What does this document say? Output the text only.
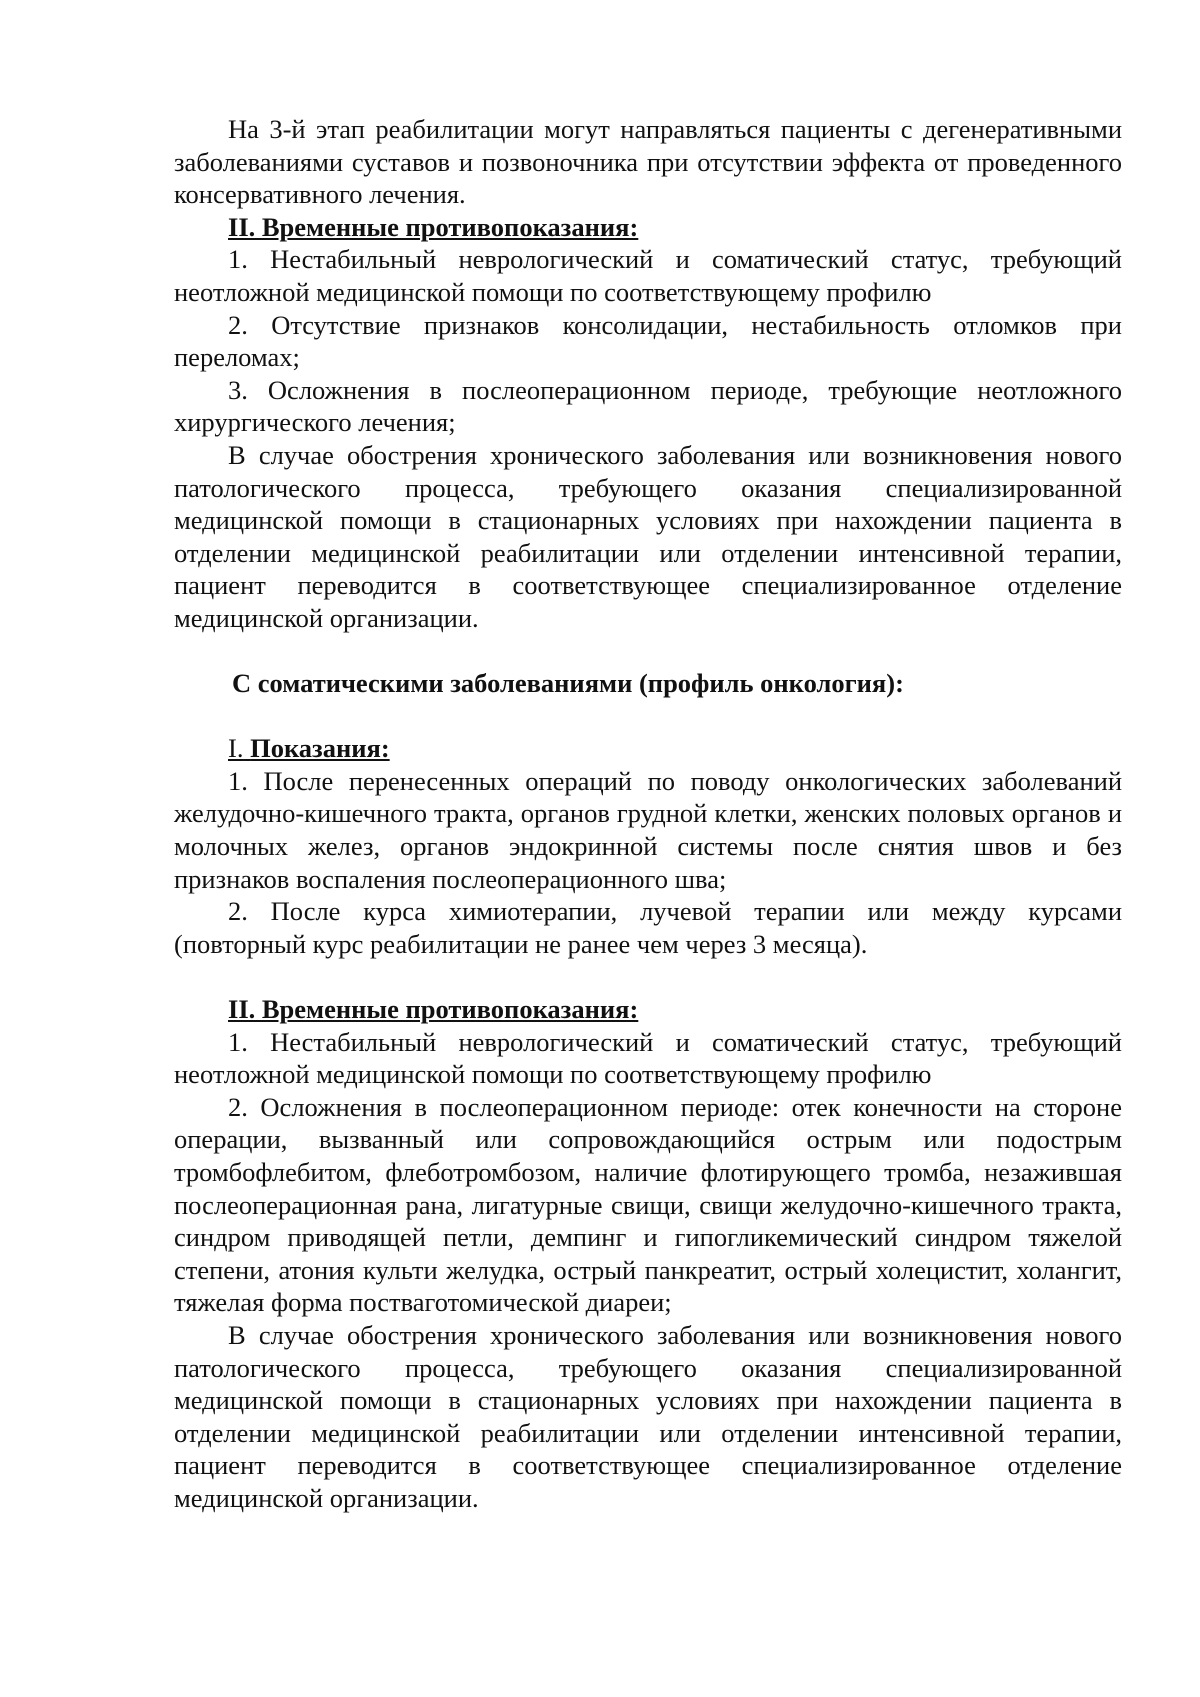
На 3-й этап реабилитации могут направляться пациенты с дегенеративными заболеваниями суставов и позвоночника при отсутствии эффекта от проведенного консервативного лечения.

II. Временные противопоказания:

1. Нестабильный неврологический и соматический статус, требующий неотложной медицинской помощи по соответствующему профилю

2. Отсутствие признаков консолидации, нестабильность отломков при переломах;

3. Осложнения в послеоперационном периоде, требующие неотложного хирургического лечения;

В случае обострения хронического заболевания или возникновения нового патологического процесса, требующего оказания специализированной медицинской помощи в стационарных условиях при нахождении пациента в отделении медицинской реабилитации или отделении интенсивной терапии, пациент переводится в соответствующее специализированное отделение медицинской организации.

С соматическими заболеваниями (профиль онкология):
I. Показания:

1. После перенесенных операций по поводу онкологических заболеваний желудочно-кишечного тракта, органов грудной клетки, женских половых органов и молочных желез, органов эндокринной системы после снятия швов и без признаков воспаления послеоперационного шва;

2. После курса химиотерапии, лучевой терапии или между курсами (повторный курс реабилитации не ранее чем через 3 месяца).

II. Временные противопоказания:

1. Нестабильный неврологический и соматический статус, требующий неотложной медицинской помощи по соответствующему профилю

2. Осложнения в послеоперационном периоде: отек конечности на стороне операции, вызванный или сопровождающийся острым или подострым тромбофлебитом, флеботромбозом, наличие флотирующего тромба, незажившая послеоперационная рана, лигатурные свищи, свищи желудочно-кишечного тракта, синдром приводящей петли, демпинг и гипогликемический синдром тяжелой степени, атония культи желудка, острый панкреатит, острый холецистит, холангит, тяжелая форма постваготомической диареи;

В случае обострения хронического заболевания или возникновения нового патологического процесса, требующего оказания специализированной медицинской помощи в стационарных условиях при нахождении пациента в отделении медицинской реабилитации или отделении интенсивной терапии, пациент переводится в соответствующее специализированное отделение медицинской организации.
